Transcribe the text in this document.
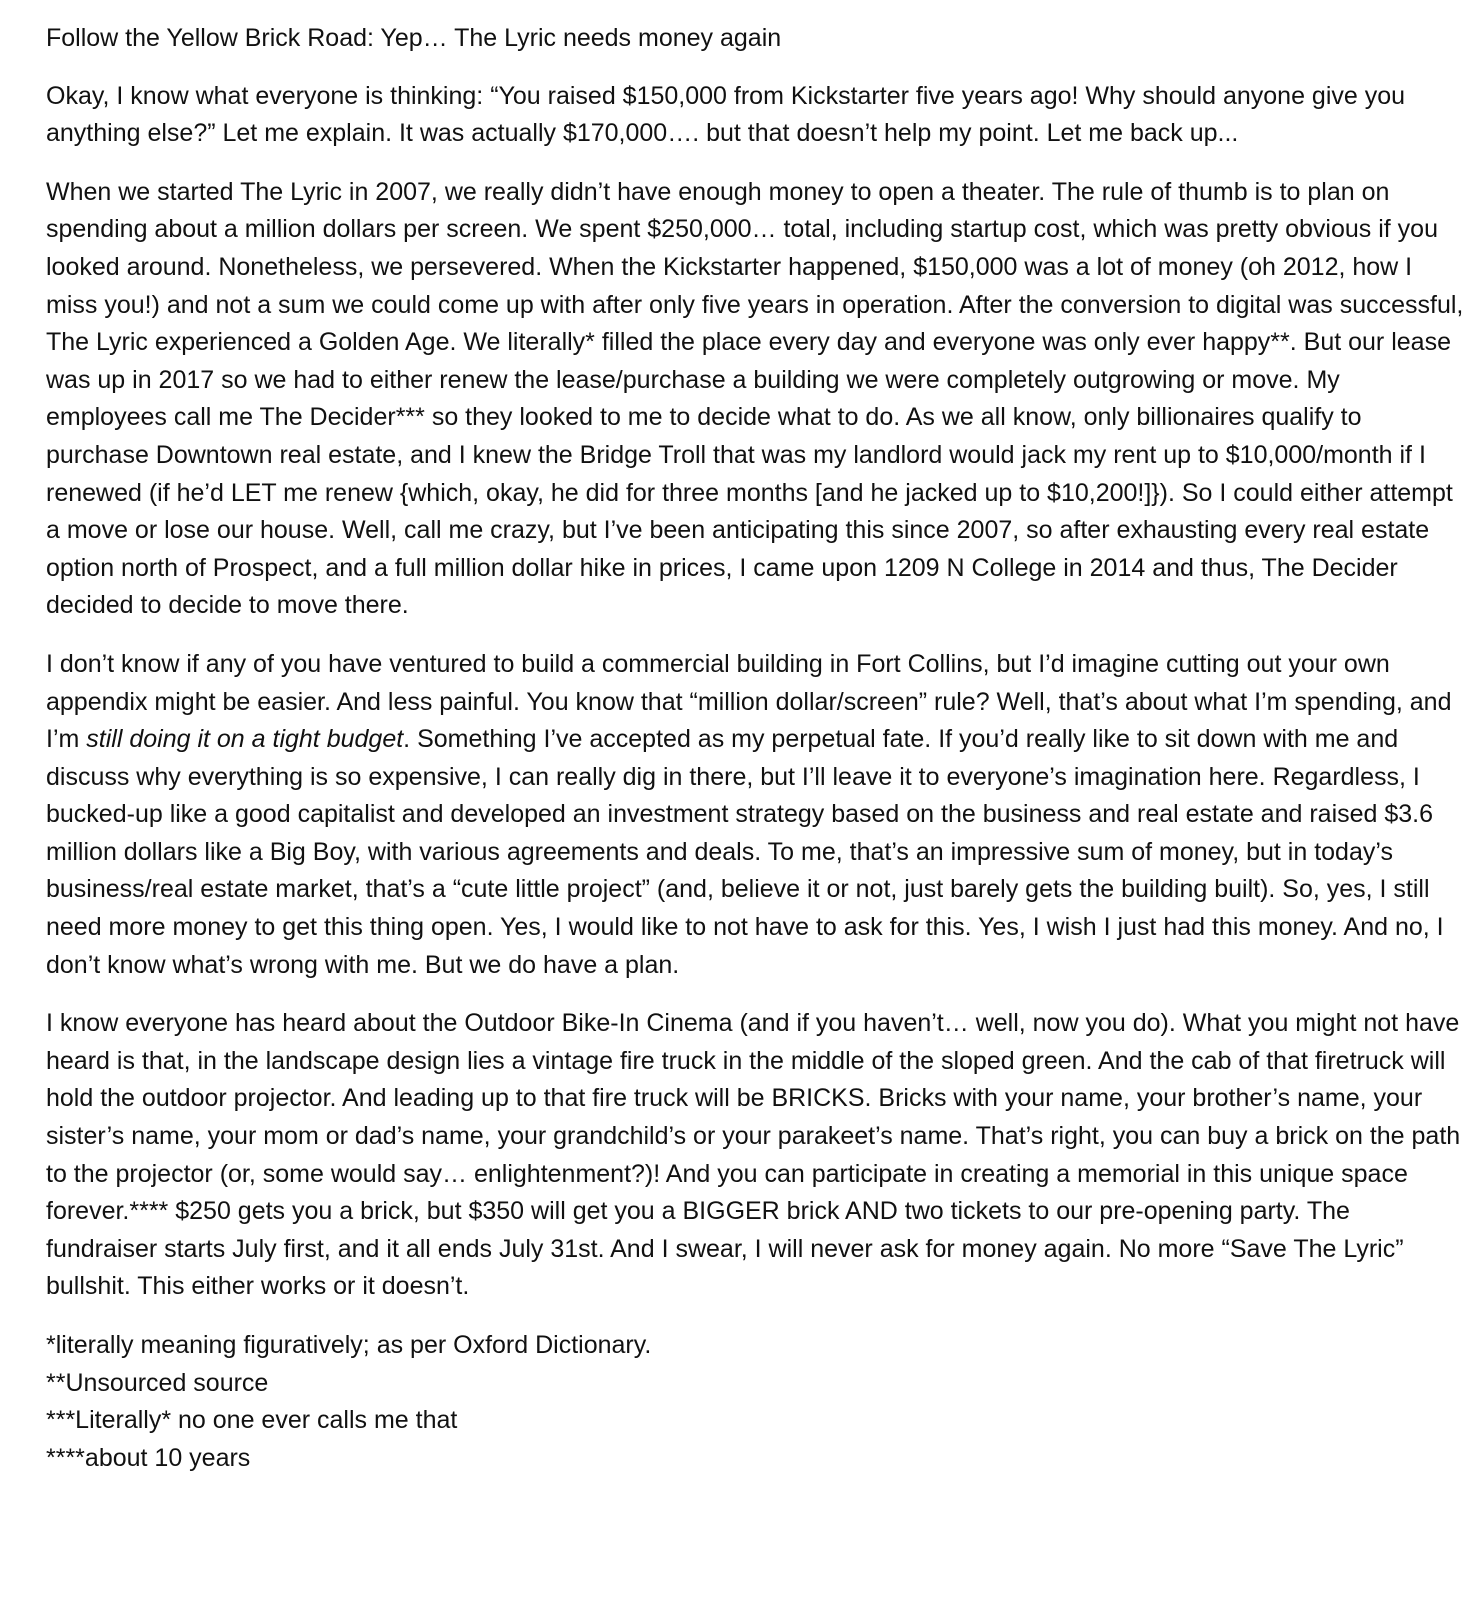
Follow the Yellow Brick Road: Yep… The Lyric needs money again

Okay, I know what everyone is thinking: “You raised $150,000 from Kickstarter five years ago! Why should anyone give you anything else?” Let me explain. It was actually $170,000…. but that doesn’t help my point. Let me back up...

When we started The Lyric in 2007, we really didn’t have enough money to open a theater. The rule of thumb is to plan on spending about a million dollars per screen. We spent $250,000… total, including startup cost, which was pretty obvious if you looked around. Nonetheless, we persevered. When the Kickstarter happened, $150,000 was a lot of money (oh 2012, how I miss you!) and not a sum we could come up with after only five years in operation. After the conversion to digital was successful, The Lyric experienced a Golden Age. We literally* filled the place every day and everyone was only ever happy**. But our lease was up in 2017 so we had to either renew the lease/purchase a building we were completely outgrowing or move. My employees call me The Decider*** so they looked to me to decide what to do. As we all know, only billionaires qualify to purchase Downtown real estate, and I knew the Bridge Troll that was my landlord would jack my rent up to $10,000/month if I renewed (if he’d LET me renew {which, okay, he did for three months [and he jacked up to $10,200!]}). So I could either attempt a move or lose our house. Well, call me crazy, but I’ve been anticipating this since 2007, so after exhausting every real estate option north of Prospect, and a full million dollar hike in prices, I came upon 1209 N College in 2014 and thus, The Decider decided to decide to move there.

I don’t know if any of you have ventured to build a commercial building in Fort Collins, but I’d imagine cutting out your own appendix might be easier. And less painful. You know that “million dollar/screen” rule? Well, that’s about what I’m spending, and I’m still doing it on a tight budget. Something I’ve accepted as my perpetual fate. If you’d really like to sit down with me and discuss why everything is so expensive, I can really dig in there, but I’ll leave it to everyone’s imagination here. Regardless, I bucked-up like a good capitalist and developed an investment strategy based on the business and real estate and raised $3.6 million dollars like a Big Boy, with various agreements and deals. To me, that’s an impressive sum of money, but in today’s business/real estate market, that’s a “cute little project” (and, believe it or not, just barely gets the building built). So, yes, I still need more money to get this thing open. Yes, I would like to not have to ask for this. Yes, I wish I just had this money. And no, I don’t know what’s wrong with me. But we do have a plan.

I know everyone has heard about the Outdoor Bike-In Cinema (and if you haven’t… well, now you do). What you might not have heard is that, in the landscape design lies a vintage fire truck in the middle of the sloped green. And the cab of that firetruck will hold the outdoor projector. And leading up to that fire truck will be BRICKS. Bricks with your name, your brother’s name, your sister’s name, your mom or dad’s name, your grandchild’s or your parakeet’s name. That’s right, you can buy a brick on the path to the projector (or, some would say… enlightenment?)! And you can participate in creating a memorial in this unique space forever.**** $250 gets you a brick, but $350 will get you a BIGGER brick AND two tickets to our pre-opening party. The fundraiser starts July first, and it all ends July 31st. And I swear, I will never ask for money again. No more “Save The Lyric” bullshit. This either works or it doesn’t.

*literally meaning figuratively; as per Oxford Dictionary.
**Unsourced source
***Literally* no one ever calls me that
****about 10 years
